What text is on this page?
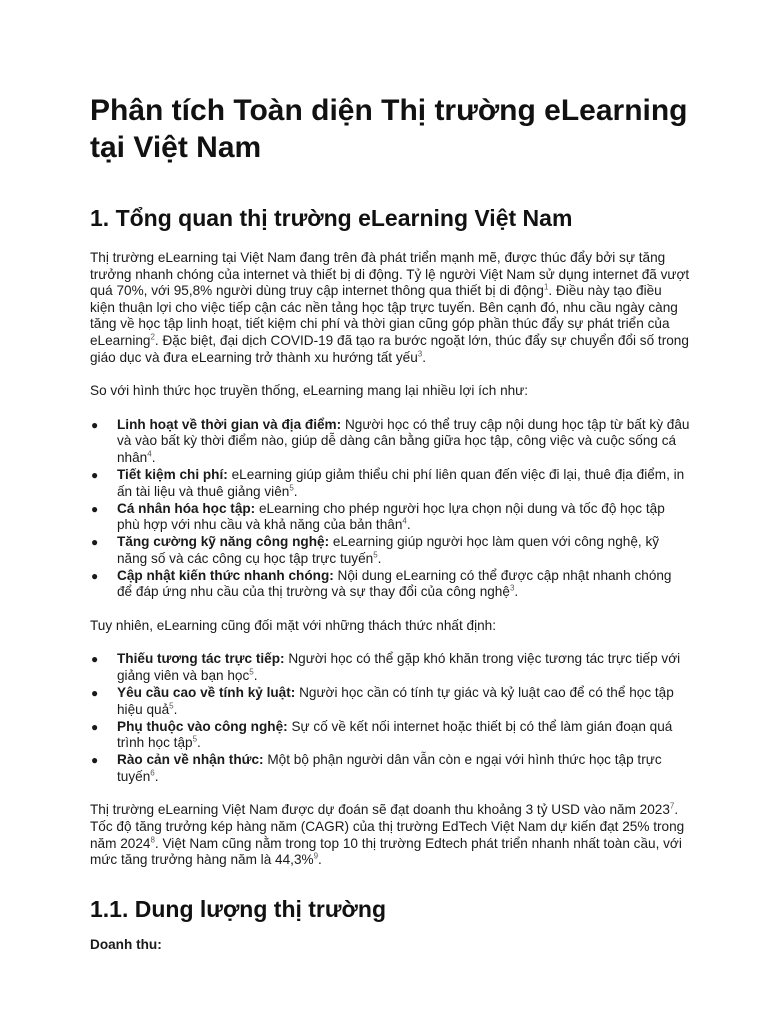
Phân tích Toàn diện Thị trường eLearning tại Việt Nam
1. Tổng quan thị trường eLearning Việt Nam

Thị trường eLearning tại Việt Nam đang trên đà phát triển mạnh mẽ, được thúc đẩy bởi sự tăng trưởng nhanh chóng của internet và thiết bị di động. Tỷ lệ người Việt Nam sử dụng internet đã vượt quá 70%, với 95,8% người dùng truy cập internet thông qua thiết bị di động$^1$. Điều này tạo điều kiện thuận lợi cho việc tiếp cận các nền tảng học tập trực tuyến. Bên cạnh đó, nhu cầu ngày càng tăng về học tập linh hoạt, tiết kiệm chi phí và thời gian cũng góp phần thúc đẩy sự phát triển của eLearning$^2$. Đặc biệt, đại dịch COVID-19 đã tạo ra bước ngoặt lớn, thúc đẩy sự chuyển đổi số trong giáo dục và đưa eLearning trở thành xu hướng tất yếu$^3$.

So với hình thức học truyền thống, eLearning mang lại nhiều lợi ích như:

● Linh hoạt về thời gian và địa điểm: Người học có thể truy cập nội dung học tập từ bất kỳ đâu và vào bất kỳ thời điểm nào, giúp dễ dàng cân bằng giữa học tập, công việc và cuộc sống cá nhân$^4$.
● Tiết kiệm chi phí: eLearning giúp giảm thiểu chi phí liên quan đến việc đi lại, thuê địa điểm, in ấn tài liệu và thuê giảng viên$^5$.
● Cá nhân hóa học tập: eLearning cho phép người học lựa chọn nội dung và tốc độ học tập phù hợp với nhu cầu và khả năng của bản thân$^4$.
● Tăng cường kỹ năng công nghệ: eLearning giúp người học làm quen với công nghệ, kỹ năng số và các công cụ học tập trực tuyến$^5$.
● Cập nhật kiến thức nhanh chóng: Nội dung eLearning có thể được cập nhật nhanh chóng để đáp ứng nhu cầu của thị trường và sự thay đổi của công nghệ$^3$.

Tuy nhiên, eLearning cũng đối mặt với những thách thức nhất định:

● Thiếu tương tác trực tiếp: Người học có thể gặp khó khăn trong việc tương tác trực tiếp với giảng viên và bạn học$^5$.
● Yêu cầu cao về tính kỷ luật: Người học cần có tính tự giác và kỷ luật cao để có thể học tập hiệu quả$^5$.
● Phụ thuộc vào công nghệ: Sự cố về kết nối internet hoặc thiết bị có thể làm gián đoạn quá trình học tập$^5$.
● Rào cản về nhận thức: Một bộ phận người dân vẫn còn e ngại với hình thức học tập trực tuyến$^6$.

Thị trường eLearning Việt Nam được dự đoán sẽ đạt doanh thu khoảng 3 tỷ USD vào năm 2023$^7$. Tốc độ tăng trưởng kép hàng năm (CAGR) của thị trường EdTech Việt Nam dự kiến đạt 25% trong năm 2024$^8$. Việt Nam cũng nằm trong top 10 thị trường Edtech phát triển nhanh nhất toàn cầu, với mức tăng trưởng hàng năm là 44,3%$^9$.

1.1. Dung lượng thị trường

Doanh thu:
